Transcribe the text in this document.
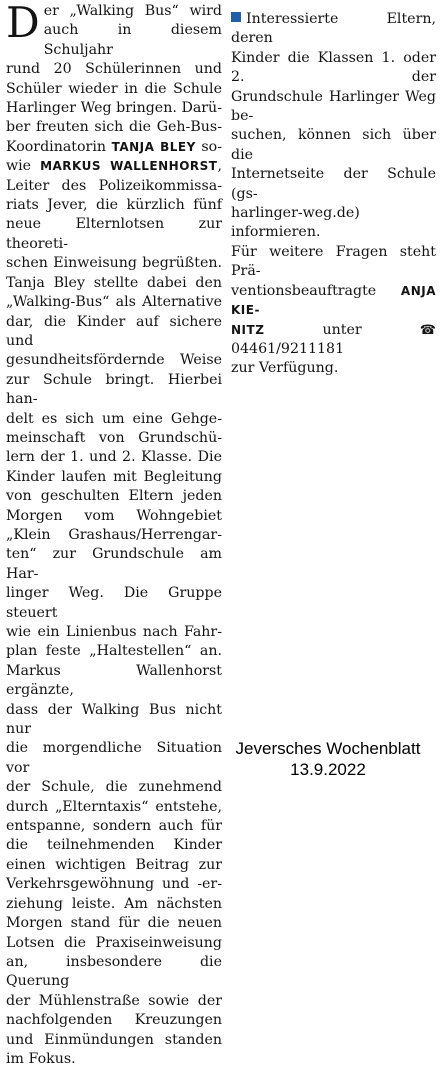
Der „Walking Bus“ wird
auch in diesem Schuljahr
rund 20 Schülerinnen und
Schüler wieder in die Schule
Harlinger Weg bringen. Darü-
ber freuten sich die Geh-Bus-
Koordinatorin TANJA BLEY so-
wie MARKUS WALLENHORST,
Leiter des Polizeikommissa-
riats Jever, die kürzlich fünf
neue Elternlotsen zur theoreti-
schen Einweisung begrüßten.
Tanja Bley stellte dabei den
„Walking-Bus“ als Alternative
dar, die Kinder auf sichere und
gesundheitsfördernde Weise
zur Schule bringt. Hierbei han-
delt es sich um eine Gehge-
meinschaft von Grundschü-
lern der 1. und 2. Klasse. Die
Kinder laufen mit Begleitung
von geschulten Eltern jeden
Morgen vom Wohngebiet
„Klein Grashaus/Herrengar-
ten“ zur Grundschule am Har-
linger Weg. Die Gruppe steuert
wie ein Linienbus nach Fahr-
plan feste „Haltestellen“ an.
Markus Wallenhorst ergänzte,
dass der Walking Bus nicht nur
die morgendliche Situation vor
der Schule, die zunehmend
durch „Elterntaxis“ entstehe,
entspanne, sondern auch für
die teilnehmenden Kinder
einen wichtigen Beitrag zur
Verkehrsgewöhnung und -er-
ziehung leiste. Am nächsten
Morgen stand für die neuen
Lotsen die Praxiseinweisung
an, insbesondere die Querung
der Mühlenstraße sowie der
nachfolgenden Kreuzungen
und Einmündungen standen
im Fokus.
Interessierte Eltern, deren
Kinder die Klassen 1. oder 2. der
Grundschule Harlinger Weg be-
suchen, können sich über die
Internetseite der Schule (gs-
harlinger-weg.de) informieren.
Für weitere Fragen steht Prä-
ventionsbeauftragte ANJA KIE-
NITZ unter ☎ 04461/9211181
zur Verfügung.
Jeversches Wochenblatt
13.9.2022
